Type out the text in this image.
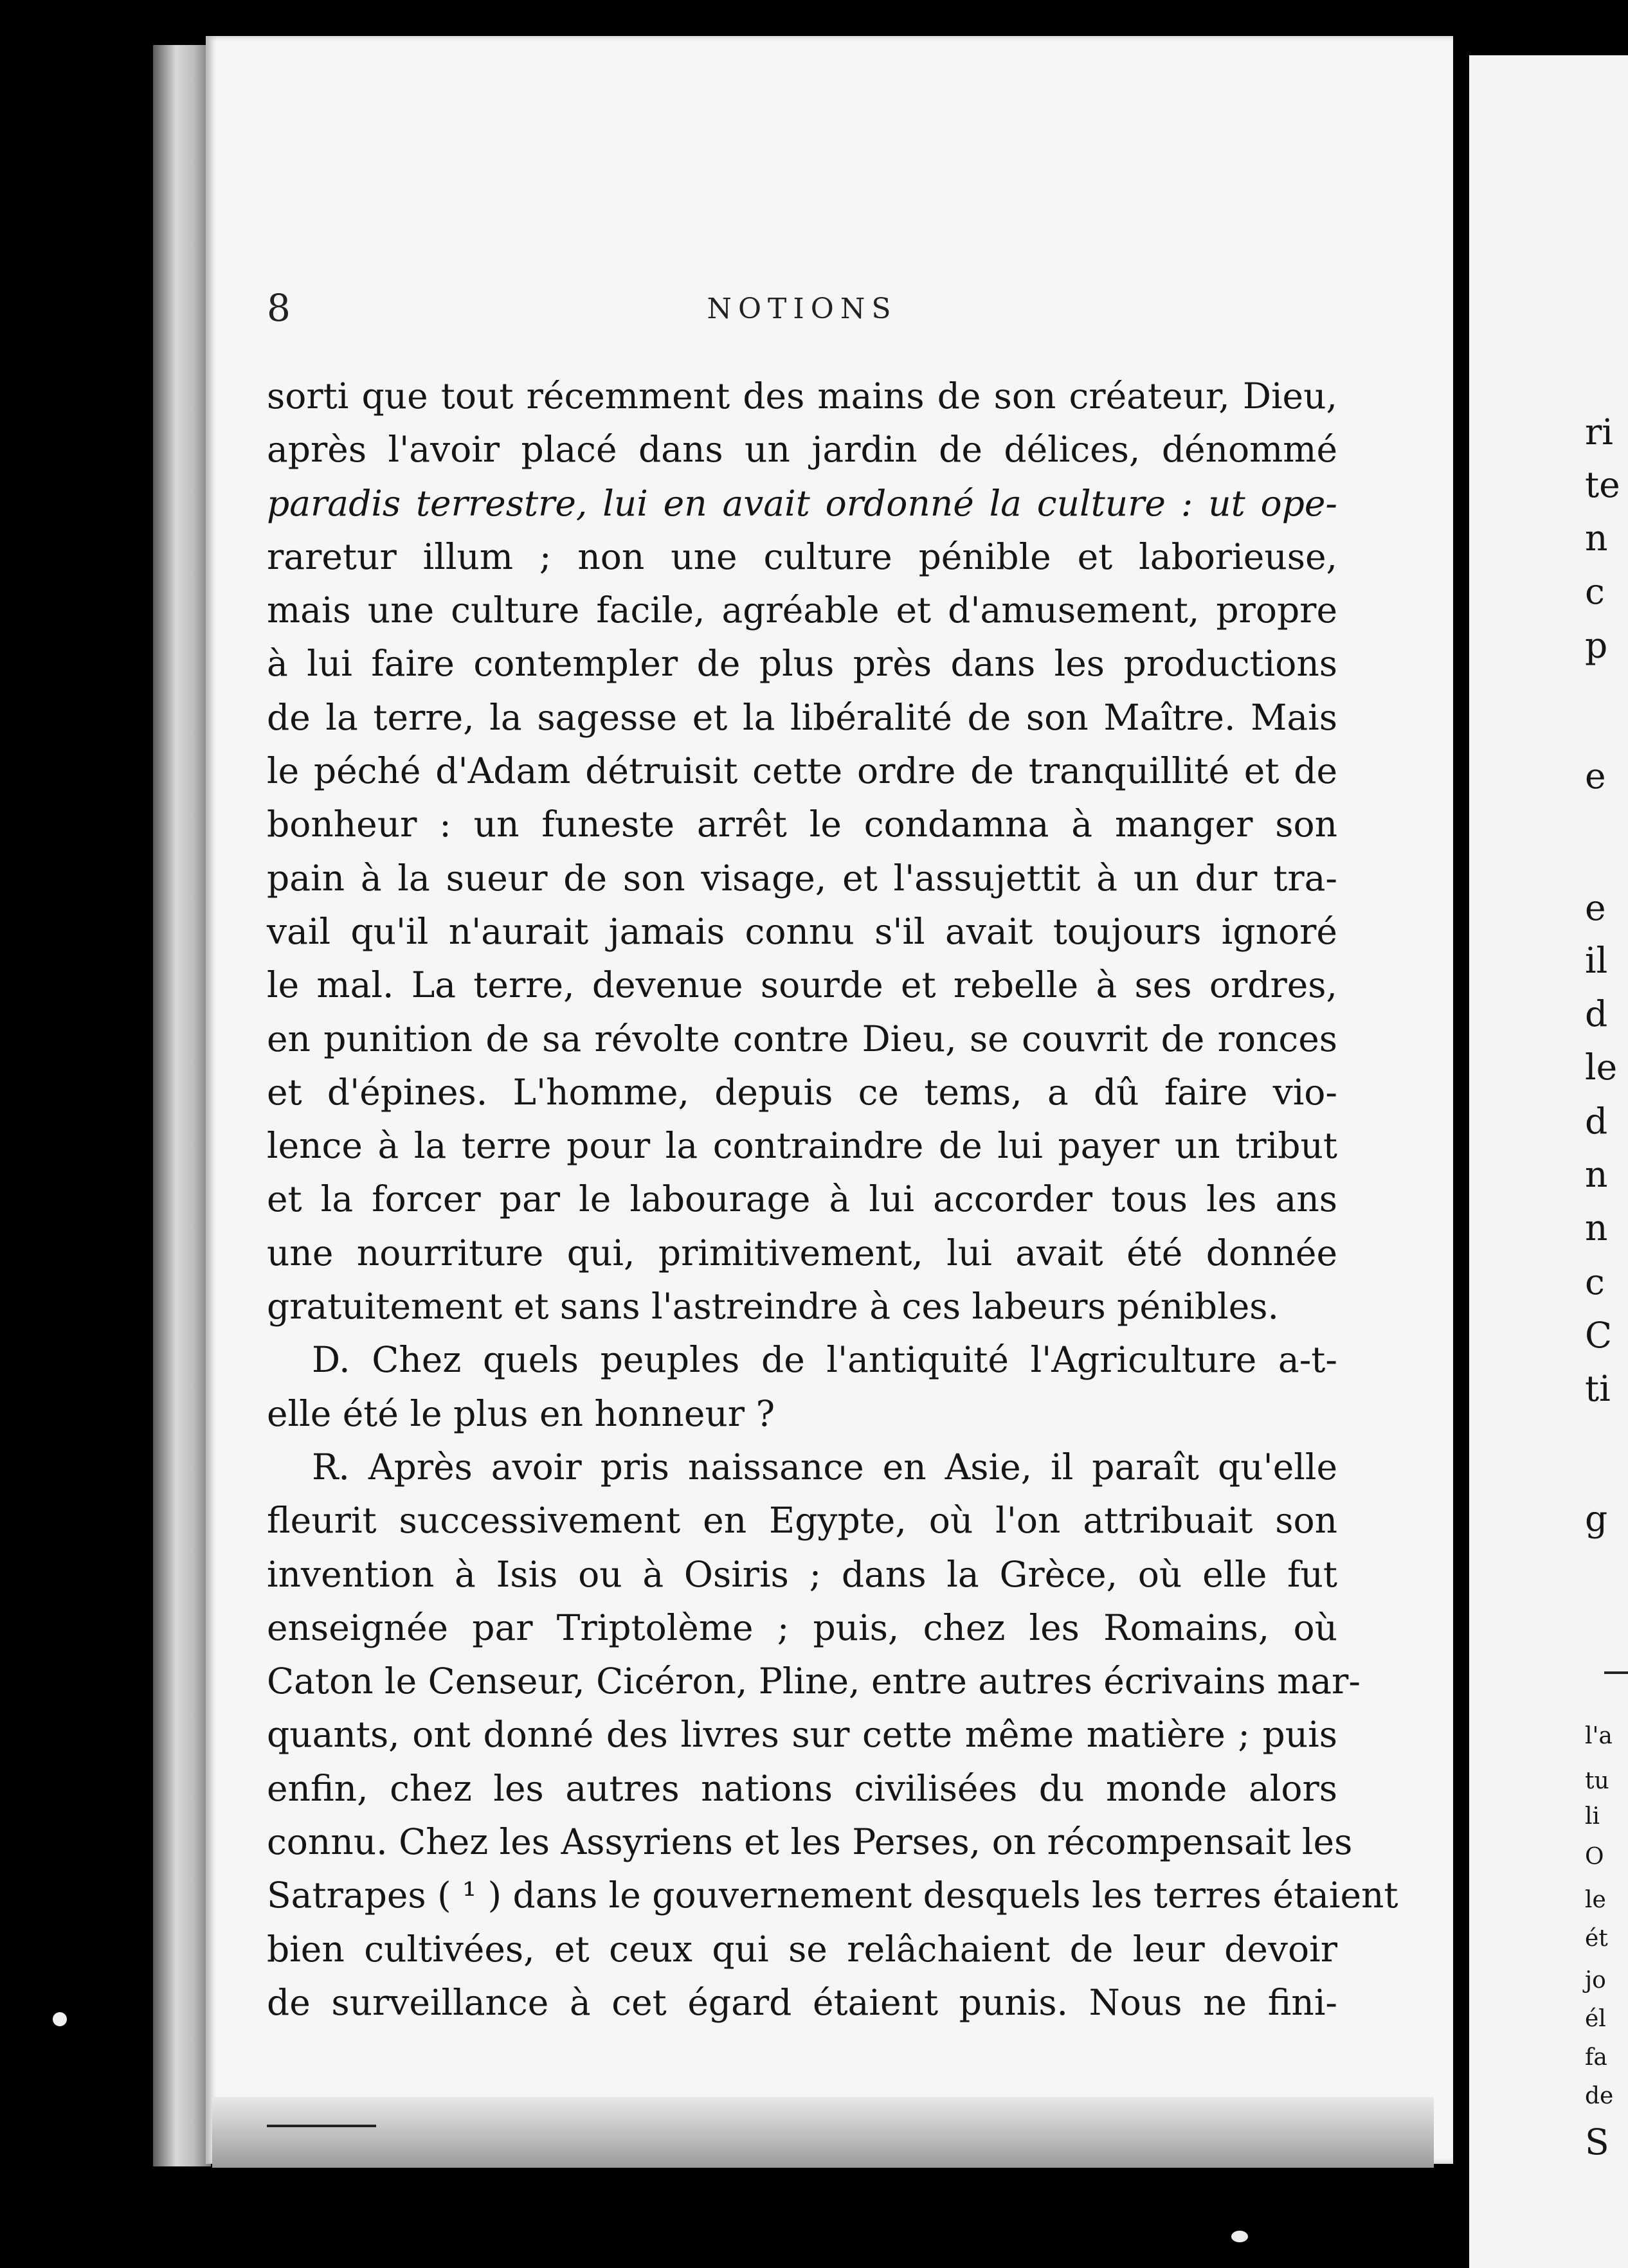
8	NOTIONS
sorti que tout récemment des mains de son créateur, Dieu,
après l'avoir placé dans un jardin de délices, dénommé
paradis terrestre, lui en avait ordonné la culture : ut ope-
raretur illum ; non une culture pénible et laborieuse,
mais une culture facile, agréable et d'amusement, propre
à lui faire contempler de plus près dans les productions
de la terre, la sagesse et la libéralité de son Maître. Mais
le péché d'Adam détruisit cette ordre de tranquillité et de
bonheur : un funeste arrêt le condamna à manger son
pain à la sueur de son visage, et l'assujettit à un dur tra-
vail qu'il n'aurait jamais connu s'il avait toujours ignoré
le mal. La terre, devenue sourde et rebelle à ses ordres,
en punition de sa révolte contre Dieu, se couvrit de ronces
et d'épines. L'homme, depuis ce tems, a dû faire vio-
lence à la terre pour la contraindre de lui payer un tribut
et la forcer par le labourage à lui accorder tous les ans
une nourriture qui, primitivement, lui avait été donnée
gratuitement et sans l'astreindre à ces labeurs pénibles.
D. Chez quels peuples de l'antiquité l'Agriculture a-t-
elle été le plus en honneur ?
R. Après avoir pris naissance en Asie, il paraît qu'elle
fleurit successivement en Egypte, où l'on attribuait son
invention à Isis ou à Osiris ; dans la Grèce, où elle fut
enseignée par Triptolème ; puis, chez les Romains, où
Caton le Censeur, Cicéron, Pline, entre autres écrivains mar-
quants, ont donné des livres sur cette même matière ; puis
enfin, chez les autres nations civilisées du monde alors
connu. Chez les Assyriens et les Perses, on récompensait les
Satrapes ( ¹ ) dans le gouvernement desquels les terres étaient
bien cultivées, et ceux qui se relâchaient de leur devoir
de surveillance à cet égard étaient punis. Nous ne fini-
ri
te
n
c
p
e
e
il
d
le
d
n
n
c
C
ti
g
l'a
tu
li
O
le
ét
jo
él
fa
de
S
